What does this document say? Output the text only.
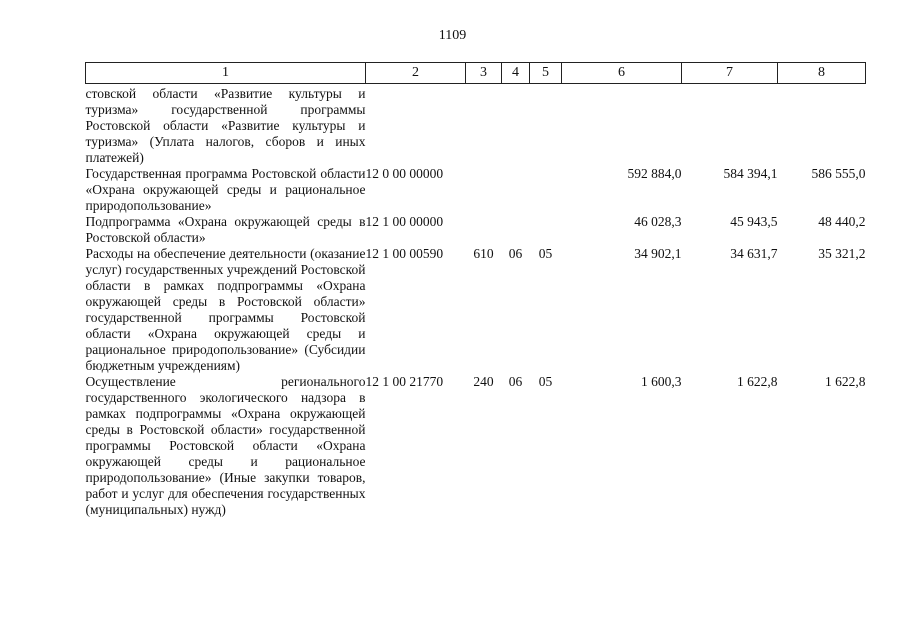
1109
1	2	3	4	5	6	7	8
стовской области «Развитие культуры и туризма» государственной программы Ростовской области «Развитие культуры и туризма» (Уплата налогов, сборов и иных платежей)							
Государственная программа Ростовской области «Охрана окружающей среды и рациональное природопользование»	12 0 00 00000				592 884,0	584 394,1	586 555,0
Подпрограмма «Охрана окружающей среды в Ростовской области»	12 1 00 00000				46 028,3	45 943,5	48 440,2
Расходы на обеспечение деятельности (оказание услуг) государственных учреждений Ростовской области в рамках подпрограммы «Охрана окружающей среды в Ростовской области» государственной программы Ростовской области «Охрана окружающей среды и рациональное природопользование» (Субсидии бюджетным учреждениям)	12 1 00 00590	610	06	05	34 902,1	34 631,7	35 321,2
Осуществление регионального государственного экологического надзора в рамках подпрограммы «Охрана окружающей среды в Ростовской области» государственной программы Ростовской области «Охрана окружающей среды и рациональное природопользование» (Иные закупки товаров, работ и услуг для обеспечения государственных (муниципальных) нужд)	12 1 00 21770	240	06	05	1 600,3	1 622,8	1 622,8
